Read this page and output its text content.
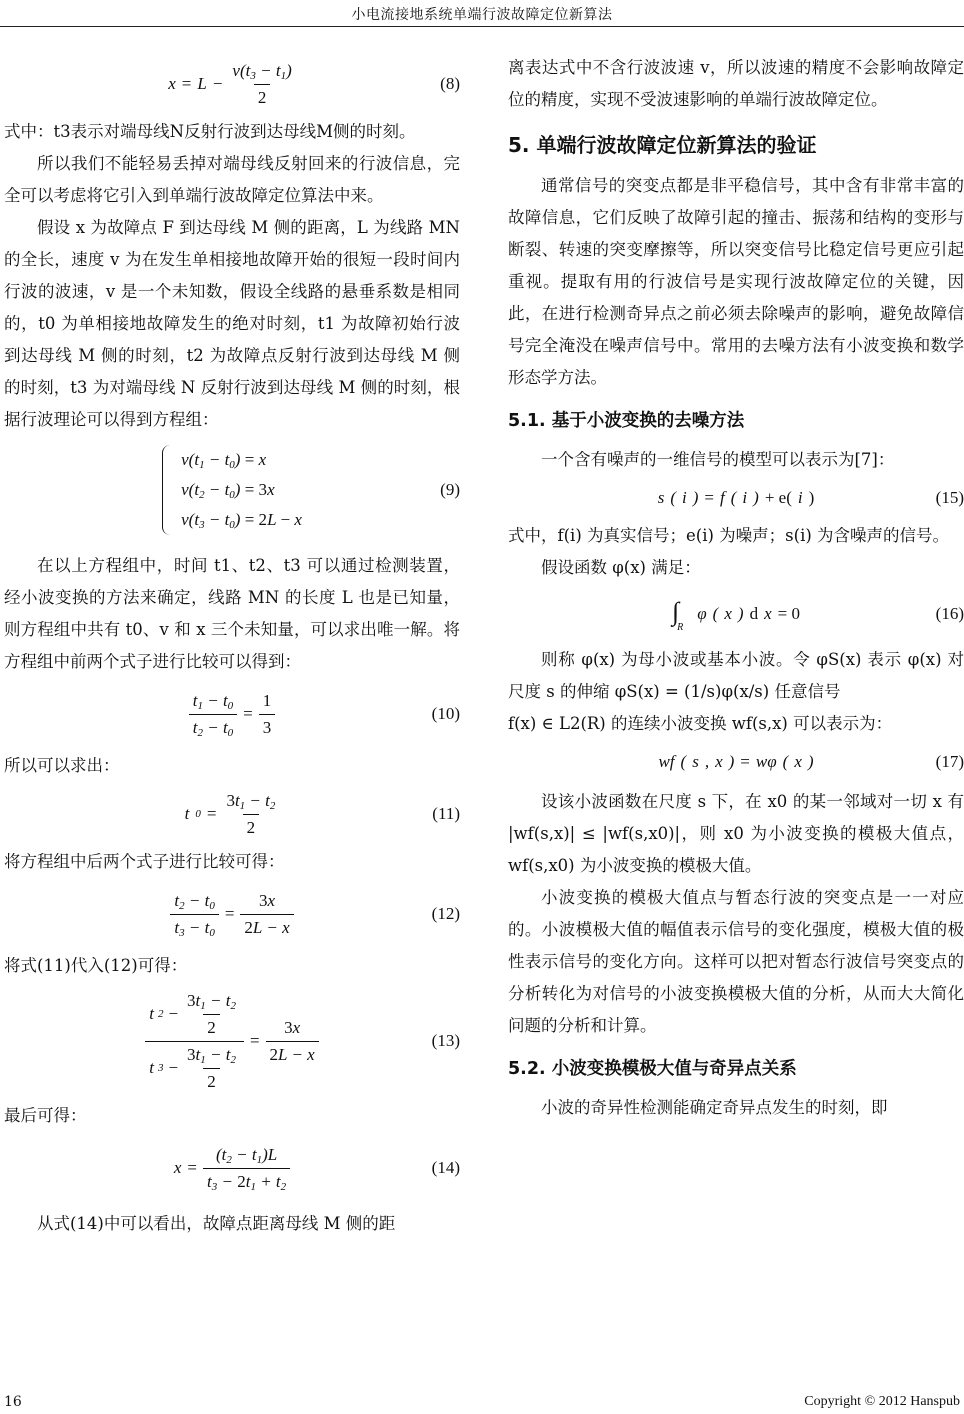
小电流接地系统单端行波故障定位新算法
$x = L - \frac{v(t_3 - t_1)}{2}$	(8)

式中：t3表示对端母线N反射行波到达母线M侧的时刻。

所以我们不能轻易丢掉对端母线反射回来的行波信息，完全可以考虑将它引入到单端行波故障定位算法中来。

假设 x 为故障点 F 到达母线 M 侧的距离，L 为线路 MN 的全长，速度 v 为在发生单相接地故障开始的很短一段时间内行波的波速，v 是一个未知数，假设全线路的悬垂系数是相同的，t0 为单相接地故障发生的绝对时刻，t1 为故障初始行波到达母线 M 侧的时刻，t2 为故障点反射行波到达母线 M 侧的时刻，t3 为对端母线 N 反射行波到达母线 M 侧的时刻，根据行波理论可以得到方程组：

$v(t_1 - t_0) = x$
$v(t_2 - t_0) = 3x$
$v(t_3 - t_0) = 2L - x$
(9)

在以上方程组中，时间 t1、t2、t3 可以通过检测装置，经小波变换的方法来确定，线路 MN 的长度 L 也是已知量，则方程组中共有 t0、v 和 x 三个未知量，可以求出唯一解。将方程组中前两个式子进行比较可以得到：

$\frac{t_1 - t_0}{t_2 - t_0} = \frac{1}{3}$	(10)

所以可以求出：

t $0 = \frac{3t_1 - t_2}{2}$	(11)

将方程组中后两个式子进行比较可得：

$\frac{t_2 - t_0}{t_3 - t_0} = \frac{3x}{2L - x}$	(12)

将式(11)代入(12)可得：

$\frac{t 2 - \frac{3t_1 - t_2}{2}}{t 3 - \frac{3t_1 - t_2}{2}} = \frac{3x}{2L - x}$	(13)

最后可得：

$x = \frac{(t_2 - t_1)L}{t_3 - 2t_1 + t_2}$	(14)

从式(14)中可以看出，故障点距离母线 M 侧的距

离表达式中不含行波波速 v，所以波速的精度不会影响故障定位的精度，实现不受波速影响的单端行波故障定位。

5. 单端行波故障定位新算法的验证

通常信号的突变点都是非平稳信号，其中含有非常丰富的故障信息，它们反映了故障引起的撞击、振荡和结构的变形与断裂、转速的突变摩擦等，所以突变信号比稳定信号更应引起重视。提取有用的行波信号是实现行波故障定位的关键，因此，在进行检测奇异点之前必须去除噪声的影响，避免故障信号完全淹没在噪声信号中。常用的去噪方法有小波变换和数学形态学方法。

5.1. 基于小波变换的去噪方法

一个含有噪声的一维信号的模型可以表示为[7]：

s ( i ) = f ( i ) + e( i )	(15)

式中，f(i) 为真实信号；e(i) 为噪声；s(i) 为含噪声的信号。

假设函数 φ(x) 满足：

∫
R
φ ( x ) d x = 0	(16)

则称 φ(x) 为母小波或基本小波。令 φS(x) 表示 φ(x) 对尺度 s 的伸缩 φS(x) = (1/s)φ(x/s) 任意信号

f(x) ∈ L2(R) 的连续小波变换 wf(s,x) 可以表示为：

wf ( s , x ) = wφ ( x )	(17)

设该小波函数在尺度 s 下，在 x0 的某一邻域对一切 x 有 |wf(s,x)| ≤ |wf(s,x0)|，则 x0 为小波变换的模极大值点，wf(s,x0) 为小波变换的模极大值。

小波变换的模极大值点与暂态行波的突变点是一一对应的。小波模极大值的幅值表示信号的变化强度，模极大值的极性表示信号的变化方向。这样可以把对暂态行波信号突变点的分析转化为对信号的小波变换模极大值的分析，从而大大简化问题的分析和计算。

5.2. 小波变换模极大值与奇异点关系

小波的奇异性检测能确定奇异点发生的时刻，即

16	Copyright © 2012 Hanspub
